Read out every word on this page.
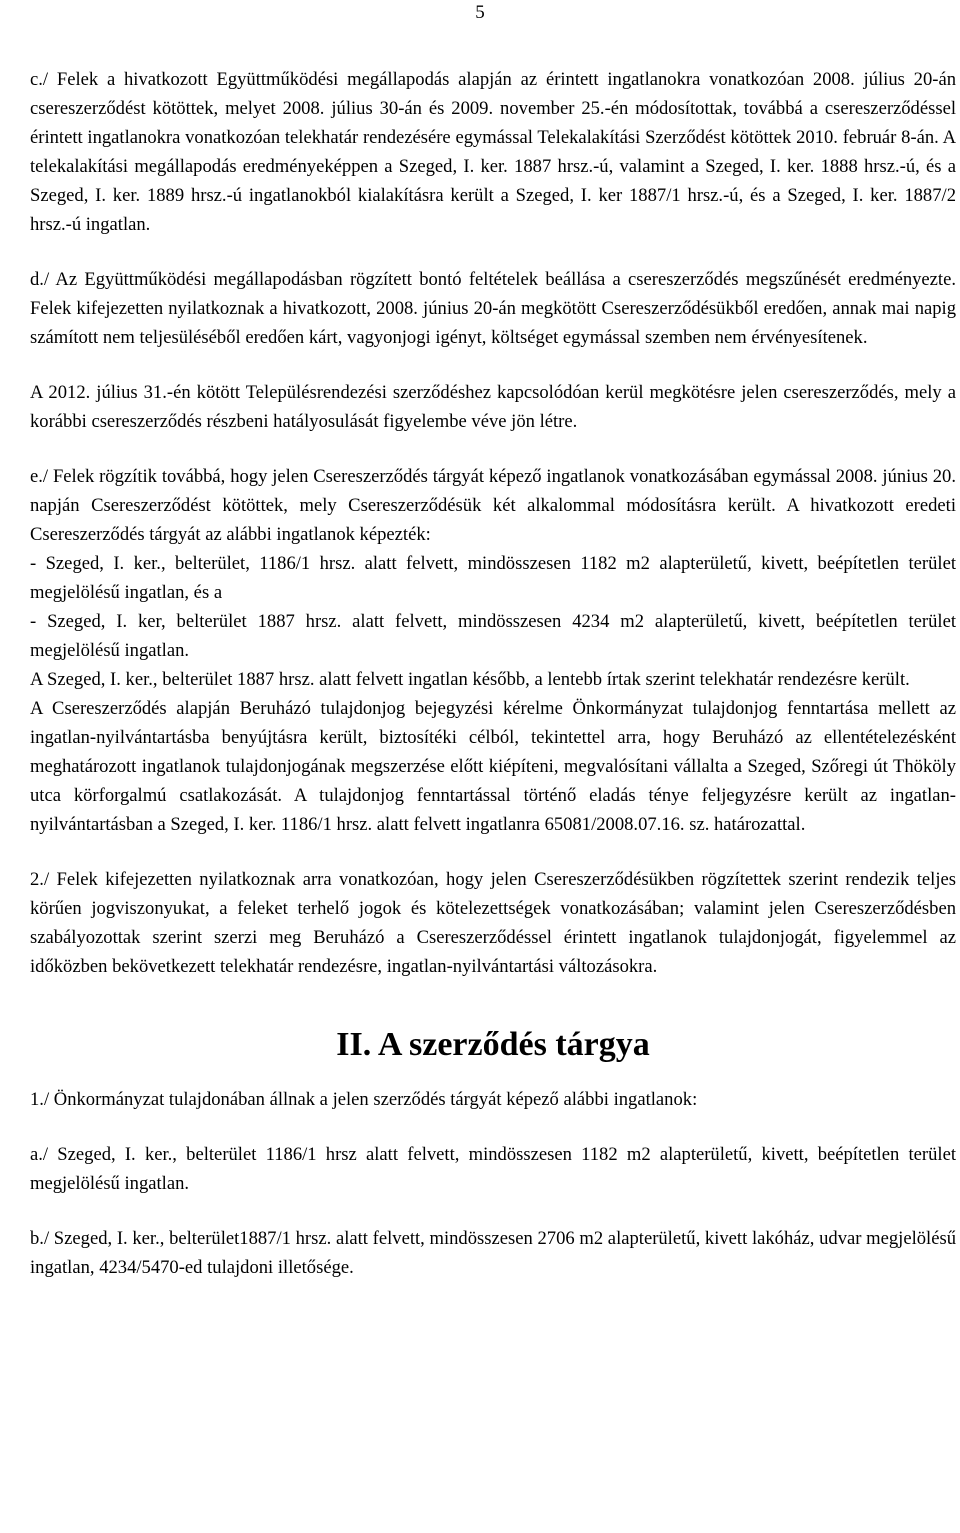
5

c./ Felek a hivatkozott Együttműködési megállapodás alapján az érintett ingatlanokra vonatkozóan 2008. július 20-án csereszerződést kötöttek, melyet 2008. július 30-án és 2009. november 25.-én módosítottak, továbbá a csereszerződéssel érintett ingatlanokra vonatkozóan telekhatár rendezésére egymással Telekalakítási Szerződést kötöttek 2010. február 8-án. A telekalakítási megállapodás eredményeképpen a Szeged, I. ker. 1887 hrsz.-ú, valamint a Szeged, I. ker. 1888 hrsz.-ú, és a Szeged, I. ker. 1889 hrsz.-ú ingatlanokból kialakításra került a Szeged, I. ker 1887/1 hrsz.-ú, és a Szeged, I. ker. 1887/2 hrsz.-ú ingatlan.

d./ Az Együttműködési megállapodásban rögzített bontó feltételek beállása a csereszerződés megszűnését eredményezte. Felek kifejezetten nyilatkoznak a hivatkozott, 2008. június 20-án megkötött Csereszerződésükből eredően, annak mai napig számított nem teljesüléséből eredően kárt, vagyonjogi igényt, költséget egymással szemben nem érvényesítenek.

A 2012. július 31.-én kötött Településrendezési szerződéshez kapcsolódóan kerül megkötésre jelen csereszerződés, mely a korábbi csereszerződés részbeni hatályosulását figyelembe véve jön létre.

e./ Felek rögzítik továbbá, hogy jelen Csereszerződés tárgyát képező ingatlanok vonatkozásában egymással 2008. június 20. napján Csereszerződést kötöttek, mely Csereszerződésük két alkalommal módosításra került. A hivatkozott eredeti Csereszerződés tárgyát az alábbi ingatlanok képezték:

- Szeged, I. ker., belterület, 1186/1 hrsz. alatt felvett, mindösszesen 1182 m2 alapterületű, kivett, beépítetlen terület megjelölésű ingatlan, és a

- Szeged, I. ker, belterület 1887 hrsz. alatt felvett, mindösszesen 4234 m2 alapterületű, kivett, beépítetlen terület megjelölésű ingatlan.

A Szeged, I. ker., belterület 1887 hrsz. alatt felvett ingatlan később, a lentebb írtak szerint telekhatár rendezésre került.

A Csereszerződés alapján Beruházó tulajdonjog bejegyzési kérelme Önkormányzat tulajdonjog fenntartása mellett az ingatlan-nyilvántartásba benyújtásra került, biztosítéki célból, tekintettel arra, hogy Beruházó az ellentételezésként meghatározott ingatlanok tulajdonjogának megszerzése előtt kiépíteni, megvalósítani vállalta a Szeged, Szőregi út Thököly utca körforgalmú csatlakozását. A tulajdonjog fenntartással történő eladás ténye feljegyzésre került az ingatlan-nyilvántartásban a Szeged, I. ker. 1186/1 hrsz. alatt felvett ingatlanra 65081/2008.07.16. sz. határozattal.

2./ Felek kifejezetten nyilatkoznak arra vonatkozóan, hogy jelen Csereszerződésükben rögzítettek szerint rendezik teljes körűen jogviszonyukat, a feleket terhelő jogok és kötelezettségek vonatkozásában; valamint jelen Csereszerződésben szabályozottak szerint szerzi meg Beruházó a Csereszerződéssel érintett ingatlanok tulajdonjogát, figyelemmel az időközben bekövetkezett telekhatár rendezésre, ingatlan-nyilvántartási változásokra.

II. A szerződés tárgya

1./ Önkormányzat tulajdonában állnak a jelen szerződés tárgyát képező alábbi ingatlanok:

a./ Szeged, I. ker., belterület 1186/1 hrsz alatt felvett, mindösszesen 1182 m2 alapterületű, kivett, beépítetlen terület megjelölésű ingatlan.

b./ Szeged, I. ker., belterület1887/1 hrsz. alatt felvett, mindösszesen 2706 m2 alapterületű, kivett lakóház, udvar megjelölésű ingatlan, 4234/5470-ed tulajdoni illetősége.
